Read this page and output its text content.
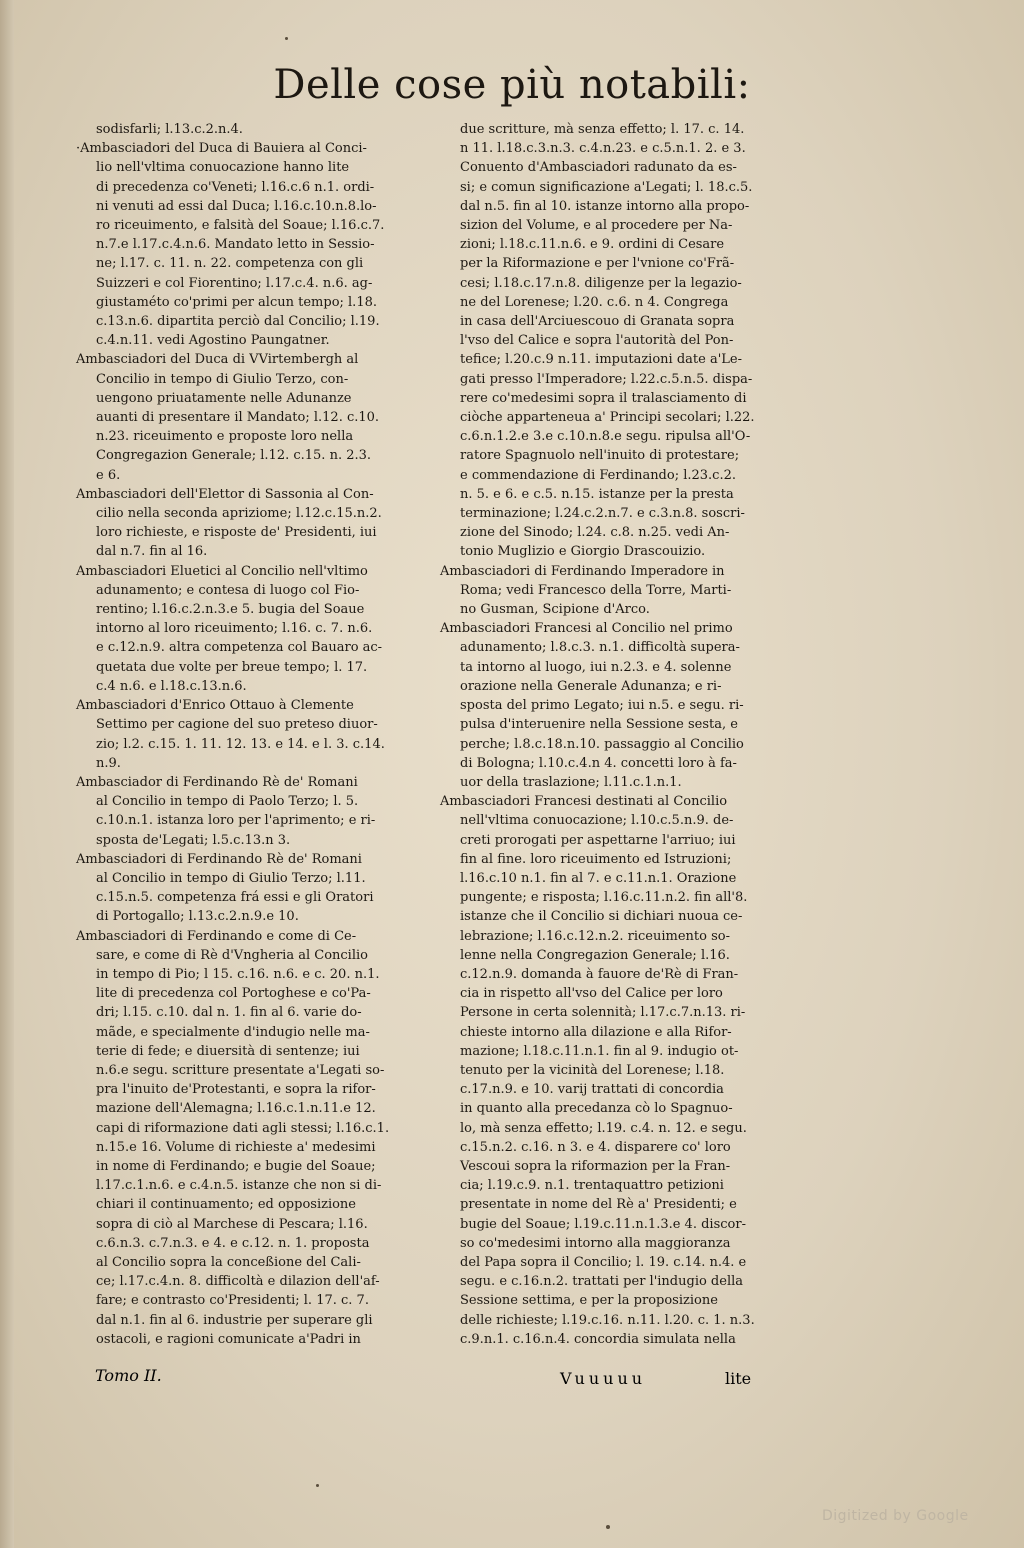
Delle cose più notabili:
sodisfarli; l.13.c.2.n.4.
·Ambasciadori del Duca di Bauiera al Conci-
lio nell'vltima conuocazione hanno lite
di precedenza co'Veneti; l.16.c.6 n.1. ordi-
ni venuti ad essi dal Duca; l.16.c.10.n.8.lo-
ro riceuimento, e falsità del Soaue; l.16.c.7.
n.7.e l.17.c.4.n.6. Mandato letto in Sessio-
ne; l.17. c. 11. n. 22. competenza con gli
Suizzeri e col Fiorentino; l.17.c.4. n.6. ag-
giustaméto co'primi per alcun tempo; l.18.
c.13.n.6. dipartita perciò dal Concilio; l.19.
c.4.n.11. vedi Agostino Paungatner.
Ambasciadori del Duca di VVirtembergh al
Concilio in tempo di Giulio Terzo, con-
uengono priuatamente nelle Adunanze
auanti di presentare il Mandato; l.12. c.10.
n.23. riceuimento e proposte loro nella
Congregazion Generale; l.12. c.15. n. 2.3.
e 6.
Ambasciadori dell'Elettor di Sassonia al Con-
cilio nella seconda apriziome; l.12.c.15.n.2.
loro richieste, e risposte de' Presidenti, iui
dal n.7. fin al 16.
Ambasciadori Eluetici al Concilio nell'vltimo
adunamento; e contesa di luogo col Fio-
rentino; l.16.c.2.n.3.e 5. bugia del Soaue
intorno al loro riceuimento; l.16. c. 7. n.6.
e c.12.n.9. altra competenza col Bauaro ac-
quetata due volte per breue tempo; l. 17.
c.4 n.6. e l.18.c.13.n.6.
Ambasciadori d'Enrico Ottauo à Clemente
Settimo per cagione del suo preteso diuor-
zio; l.2. c.15. 1. 11. 12. 13. e 14. e l. 3. c.14.
n.9.
Ambasciador di Ferdinando Rè de' Romani
al Concilio in tempo di Paolo Terzo; l. 5.
c.10.n.1. istanza loro per l'aprimento; e ri-
sposta de'Legati; l.5.c.13.n 3.
Ambasciadori di Ferdinando Rè de' Romani
al Concilio in tempo di Giulio Terzo; l.11.
c.15.n.5. competenza frá essi e gli Oratori
di Portogallo; l.13.c.2.n.9.e 10.
Ambasciadori di Ferdinando e come di Ce-
sare, e come di Rè d'Vngheria al Concilio
in tempo di Pio; l 15. c.16. n.6. e c. 20. n.1.
lite di precedenza col Portoghese e co'Pa-
dri; l.15. c.10. dal n. 1. fin al 6. varie do-
mãde, e specialmente d'indugio nelle ma-
terie di fede; e diuersità di sentenze; iui
n.6.e segu. scritture presentate a'Legati so-
pra l'inuito de'Protestanti, e sopra la rifor-
mazione dell'Alemagna; l.16.c.1.n.11.e 12.
capi di riformazione dati agli stessi; l.16.c.1.
n.15.e 16. Volume di richieste a' medesimi
in nome di Ferdinando; e bugie del Soaue;
l.17.c.1.n.6. e c.4.n.5. istanze che non si di-
chiari il continuamento; ed opposizione
sopra di ciò al Marchese di Pescara; l.16.
c.6.n.3. c.7.n.3. e 4. e c.12. n. 1. proposta
al Concilio sopra la conceßione del Cali-
ce; l.17.c.4.n. 8. difficoltà e dilazion dell'af-
fare; e contrasto co'Presidenti; l. 17. c. 7.
dal n.1. fin al 6. industrie per superare gli
ostacoli, e ragioni comunicate a'Padri in
due scritture, mà senza effetto; l. 17. c. 14.
n 11. l.18.c.3.n.3. c.4.n.23. e c.5.n.1. 2. e 3.
Conuento d'Ambasciadori radunato da es-
si; e comun significazione a'Legati; l. 18.c.5.
dal n.5. fin al 10. istanze intorno alla propo-
sizion del Volume, e al procedere per Na-
zioni; l.18.c.11.n.6. e 9. ordini di Cesare
per la Riformazione e per l'vnione co'Frã-
cesi; l.18.c.17.n.8. diligenze per la legazio-
ne del Lorenese; l.20. c.6. n 4. Congrega
in casa dell'Arciuescouo di Granata sopra
l'vso del Calice e sopra l'autorità del Pon-
tefice; l.20.c.9 n.11. imputazioni date a'Le-
gati presso l'Imperadore; l.22.c.5.n.5. dispa-
rere co'medesimi sopra il tralasciamento di
ciòche apparteneua a' Principi secolari; l.22.
c.6.n.1.2.e 3.e c.10.n.8.e segu. ripulsa all'O-
ratore Spagnuolo nell'inuito di protestare;
e commendazione di Ferdinando; l.23.c.2.
n. 5. e 6. e c.5. n.15. istanze per la presta
terminazione; l.24.c.2.n.7. e c.3.n.8. soscri-
zione del Sinodo; l.24. c.8. n.25. vedi An-
tonio Muglizio e Giorgio Drascouizio.
Ambasciadori di Ferdinando Imperadore in
Roma; vedi Francesco della Torre, Marti-
no Gusman, Scipione d'Arco.
Ambasciadori Francesi al Concilio nel primo
adunamento; l.8.c.3. n.1. difficoltà supera-
ta intorno al luogo, iui n.2.3. e 4. solenne
orazione nella Generale Adunanza; e ri-
sposta del primo Legato; iui n.5. e segu. ri-
pulsa d'interuenire nella Sessione sesta, e
perche; l.8.c.18.n.10. passaggio al Concilio
di Bologna; l.10.c.4.n 4. concetti loro à fa-
uor della traslazione; l.11.c.1.n.1.
Ambasciadori Francesi destinati al Concilio
nell'vltima conuocazione; l.10.c.5.n.9. de-
creti prorogati per aspettarne l'arriuo; iui
fin al fine. loro riceuimento ed Istruzioni;
l.16.c.10 n.1. fin al 7. e c.11.n.1. Orazione
pungente; e risposta; l.16.c.11.n.2. fin all'8.
istanze che il Concilio si dichiari nuoua ce-
lebrazione; l.16.c.12.n.2. riceuimento so-
lenne nella Congregazion Generale; l.16.
c.12.n.9. domanda à fauore de'Rè di Fran-
cia in rispetto all'vso del Calice per loro
Persone in certa solennità; l.17.c.7.n.13. ri-
chieste intorno alla dilazione e alla Rifor-
mazione; l.18.c.11.n.1. fin al 9. indugio ot-
tenuto per la vicinità del Lorenese; l.18.
c.17.n.9. e 10. varij trattati di concordia
in quanto alla precedanza cò lo Spagnuo-
lo, mà senza effetto; l.19. c.4. n. 12. e segu.
c.15.n.2. c.16. n 3. e 4. disparere co' loro
Vescoui sopra la riformazion per la Fran-
cia; l.19.c.9. n.1. trentaquattro petizioni
presentate in nome del Rè a' Presidenti; e
bugie del Soaue; l.19.c.11.n.1.3.e 4. discor-
so co'medesimi intorno alla maggioranza
del Papa sopra il Concilio; l. 19. c.14. n.4. e
segu. e c.16.n.2. trattati per l'indugio della
Sessione settima, e per la proposizione
delle richieste; l.19.c.16. n.11. l.20. c. 1. n.3.
c.9.n.1. c.16.n.4. concordia simulata nella
Tomo II.	Vuuuuu	lite
Digitized by Google
